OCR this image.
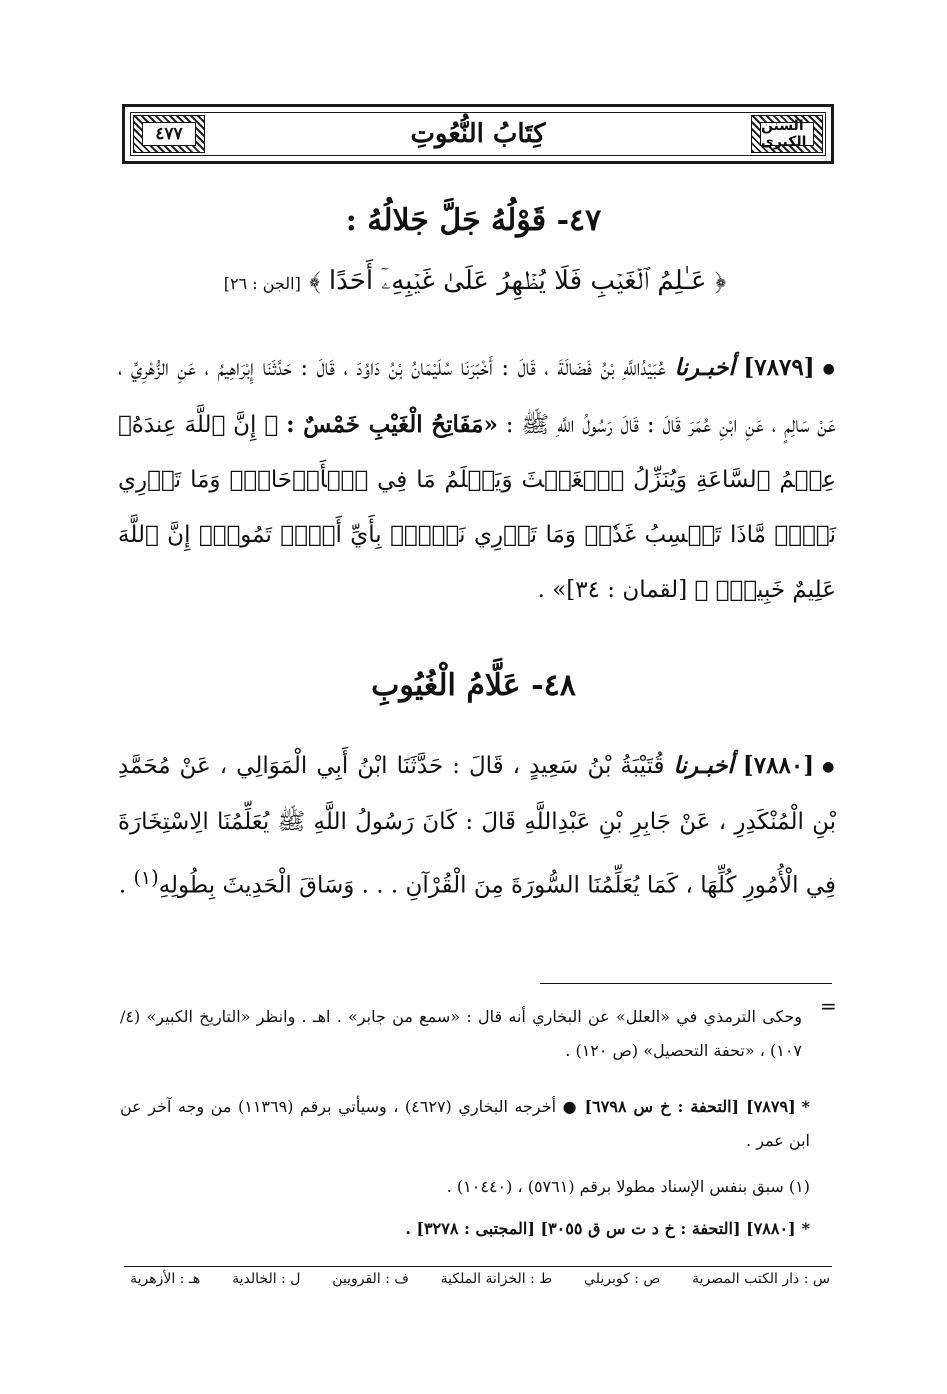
٤٧٧	كِتَابُ النُّعُوتِ	السنن الكبرى
٤٧- قَوْلُهُ جَلَّ جَلالُهُ :
﴿ عَـٰلِمُ ٱلۡغَيۡبِ فَلَا يُظۡهِرُ عَلَىٰ غَيۡبِهِۦٓ أَحَدًا ﴾ [الجن : ٢٦]
●[٧٨٧٩] أخبـرنا عُبَيْدُاللَّهِ بْنُ فَضَالَةَ ، قَالَ : أَخْبَرَنَا سُلَيْمَانُ بْنُ دَاوُدَ ، قَالَ : حَدَّثَنَا إِبْرَاهِيمُ ، عَنِ الزُّهْرِيِّ ، عَنْ سَالِمٍ ، عَنِ ابْنِ عُمَرَ قَالَ : قَالَ رَسُولُ اللَّهِ ﷺ : «مَفَاتِحُ الْغَيْبِ خَمْسٌ : ﴿ إِنَّ ٱللَّهَ عِندَهُۥ عِلۡمُ ٱلسَّاعَةِ وَيُنَزِّلُ ٱلۡغَيۡثَ وَيَعۡلَمُ مَا فِي ٱلۡأَرۡحَامِۖ وَمَا تَدۡرِي نَفۡسٞ مَّاذَا تَكۡسِبُ غَدٗاۖ وَمَا تَدۡرِي نَفۡسُۢ بِأَيِّ أَرۡضٖ تَمُوتُۚ إِنَّ ٱللَّهَ عَلِيمٌ خَبِيرُۢ ﴾ [لقمان : ٣٤]» .
٤٨- عَلَّامُ الْغُيُوبِ
●[٧٨٨٠] أخبـرنا قُتَيْبَةُ بْنُ سَعِيدٍ ، قَالَ : حَدَّثَنَا ابْنُ أَبِي الْمَوَالِي ، عَنْ مُحَمَّدِ بْنِ الْمُنْكَدِرِ ، عَنْ جَابِرِ بْنِ عَبْدِاللَّهِ قَالَ : كَانَ رَسُولُ اللَّهِ ﷺ يُعَلِّمُنَا الِاسْتِخَارَةَ فِي الْأُمُورِ كُلِّهَا ، كَمَا يُعَلِّمُنَا السُّورَةَ مِنَ الْقُرْآنِ . . . وَسَاقَ الْحَدِيثَ بِطُولِهِ$^{(١)}$ .
=
وحكى الترمذي في «العلل» عن البخاري أنه قال : «سمع من جابر» . اهـ . وانظر «التاريخ الكبير» (٤/ ١٠٧) ، «تحفة التحصيل» (ص ١٢٠) .
*[٧٨٧٩] [التحفة : خ س ٦٧٩٨] ● أخرجه البخاري (٤٦٢٧) ، وسيأتي برقم (١١٣٦٩) من وجه آخر عن ابن عمر .
(١) سبق بنفس الإسناد مطولا برقم (٥٧٦١) ، (١٠٤٤٠) .
*[٧٨٨٠] [التحفة : خ د ت س ق ٣٠٥٥] [المجتبى : ٣٢٧٨] .
س : دار الكتب المصرية
ص : كوبريلي
ط : الخزانة الملكية
ف : القرويين
ل : الخالدية
هـ : الأزهرية
